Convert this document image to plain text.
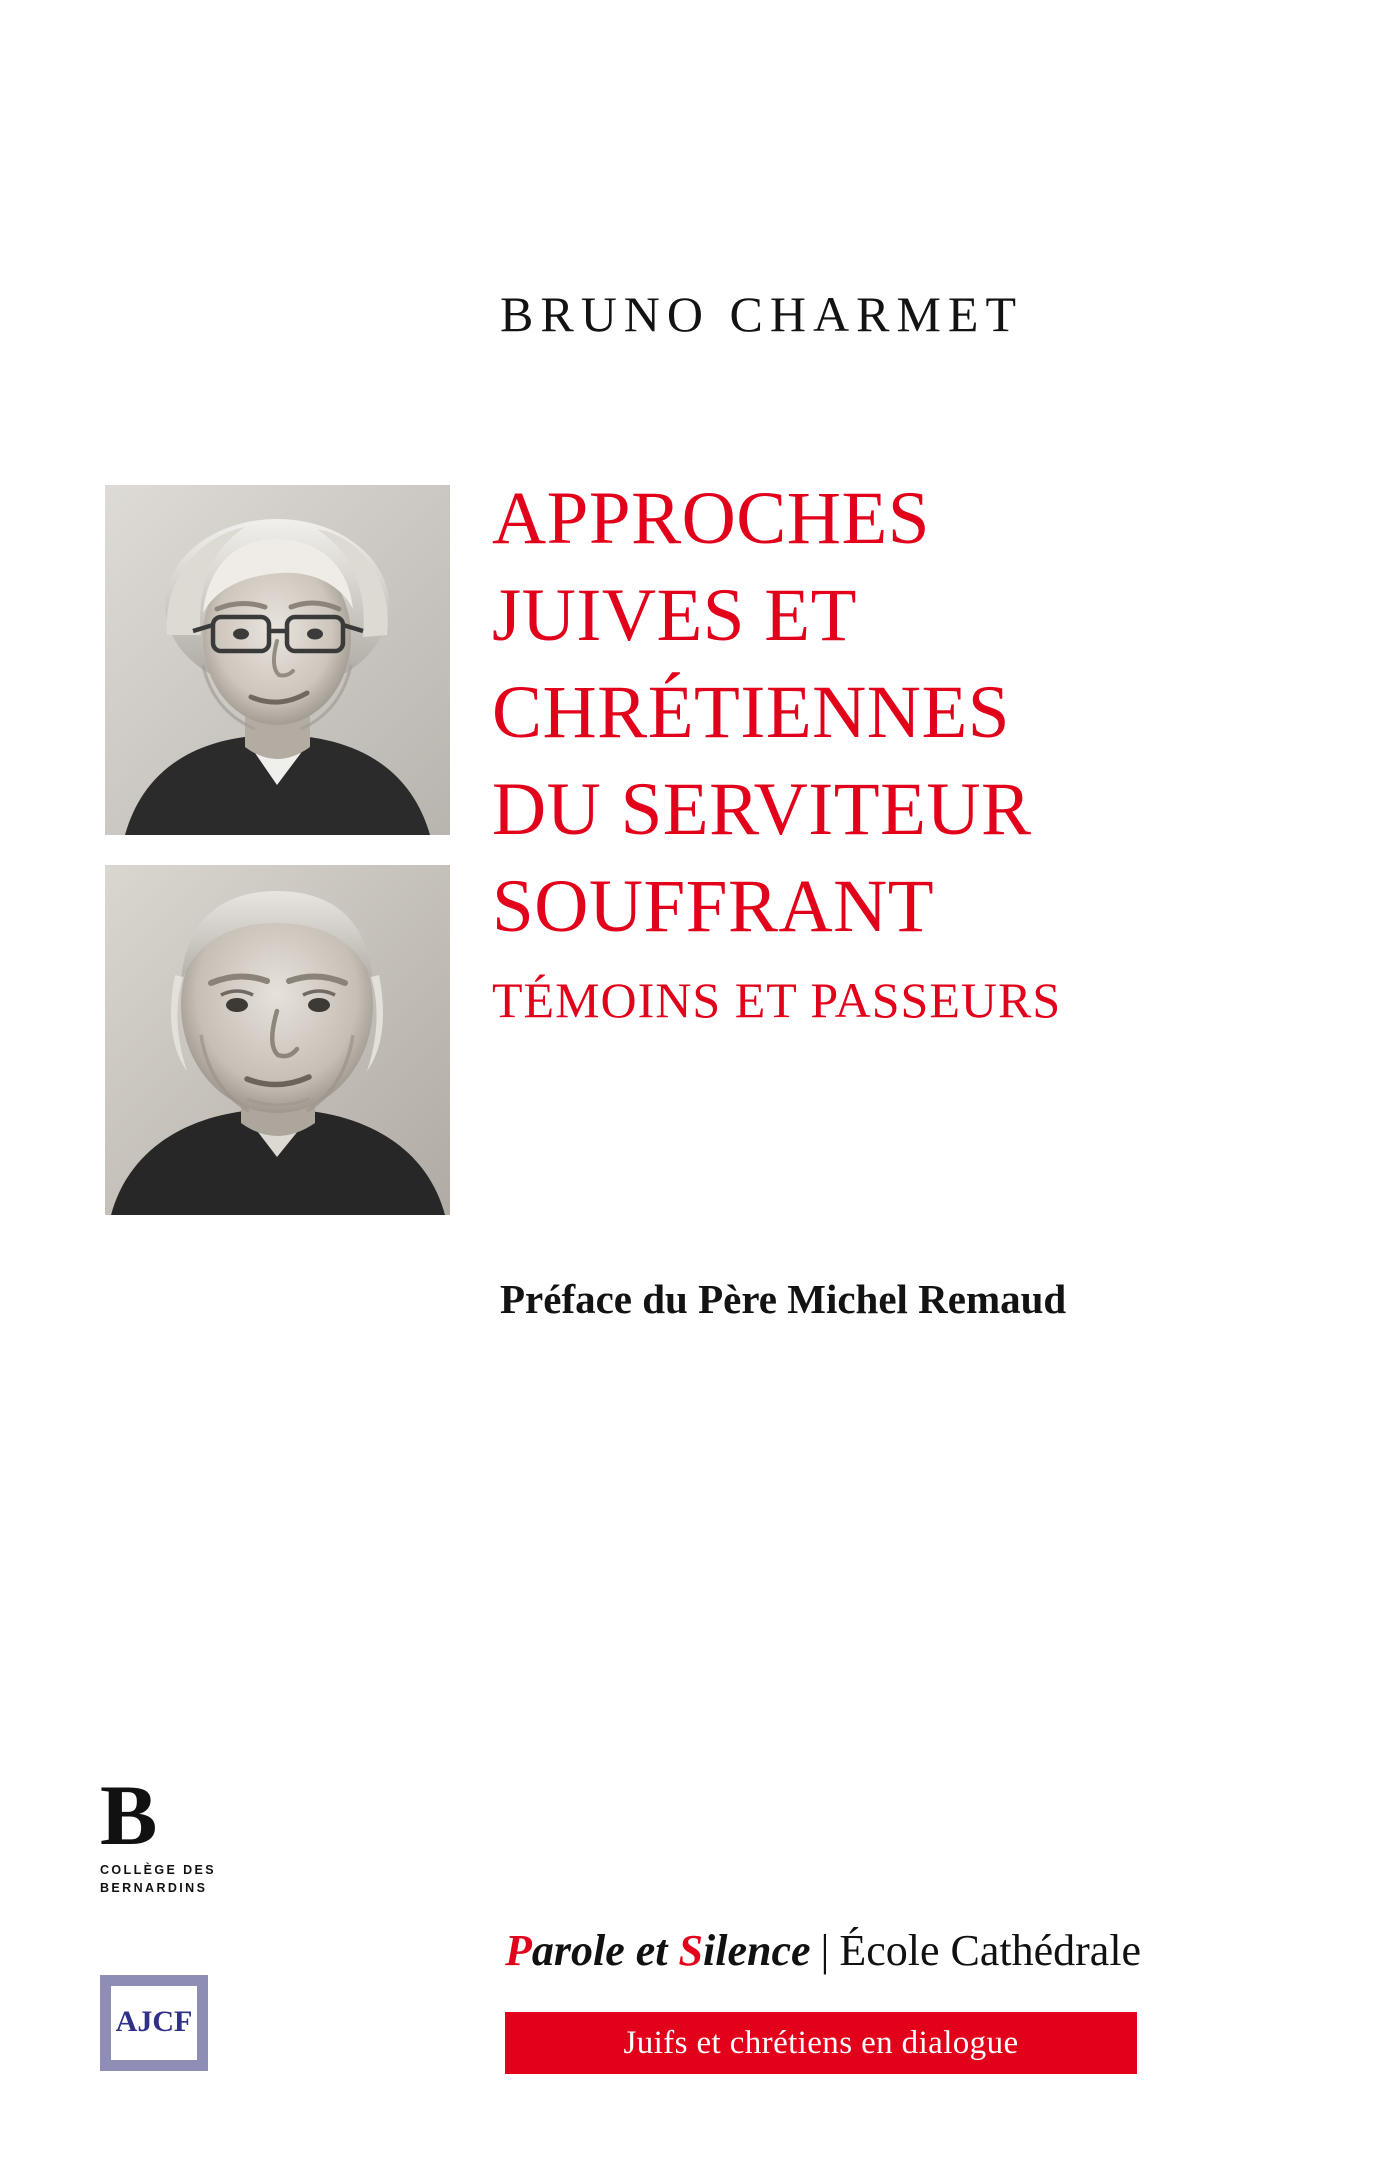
BRUNO CHARMET
APPROCHES
JUIVES ET
CHRÉTIENNES
DU SERVITEUR
SOUFFRANT
TÉMOINS ET PASSEURS
Préface du Père Michel Remaud
B
COLLÈGE DES
BERNARDINS
AJCF
Parole et Silence | École Cathédrale
Juifs et chrétiens en dialogue
